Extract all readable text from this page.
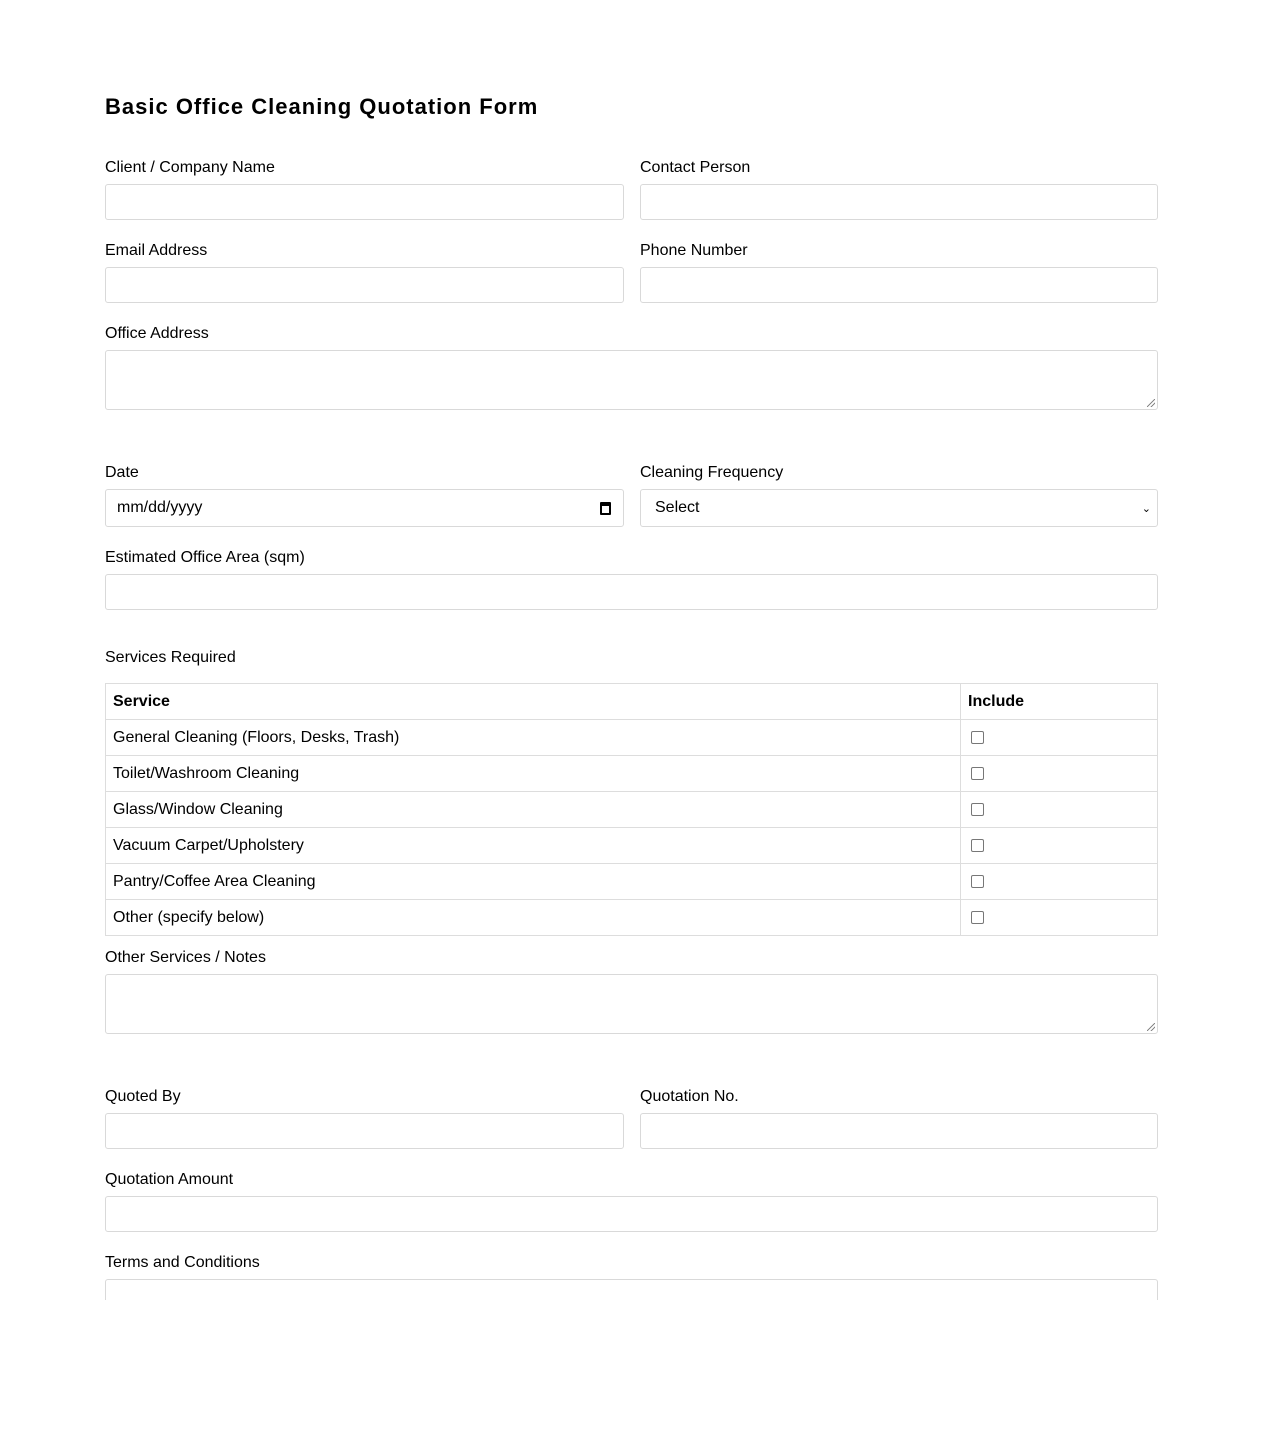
Basic Office Cleaning Quotation Form
Client / Company Name	Contact Person
Email Address	Phone Number
Office Address
Date	Cleaning Frequency
mm/dd/yyyy	Select	⌄
Estimated Office Area (sqm)
Services Required
Service	Include
General Cleaning (Floors, Desks, Trash)	
Toilet/Washroom Cleaning	
Glass/Window Cleaning	
Vacuum Carpet/Upholstery	
Pantry/Coffee Area Cleaning	
Other (specify below)	
Other Services / Notes
Quoted By	Quotation No.
Quotation Amount
Terms and Conditions
